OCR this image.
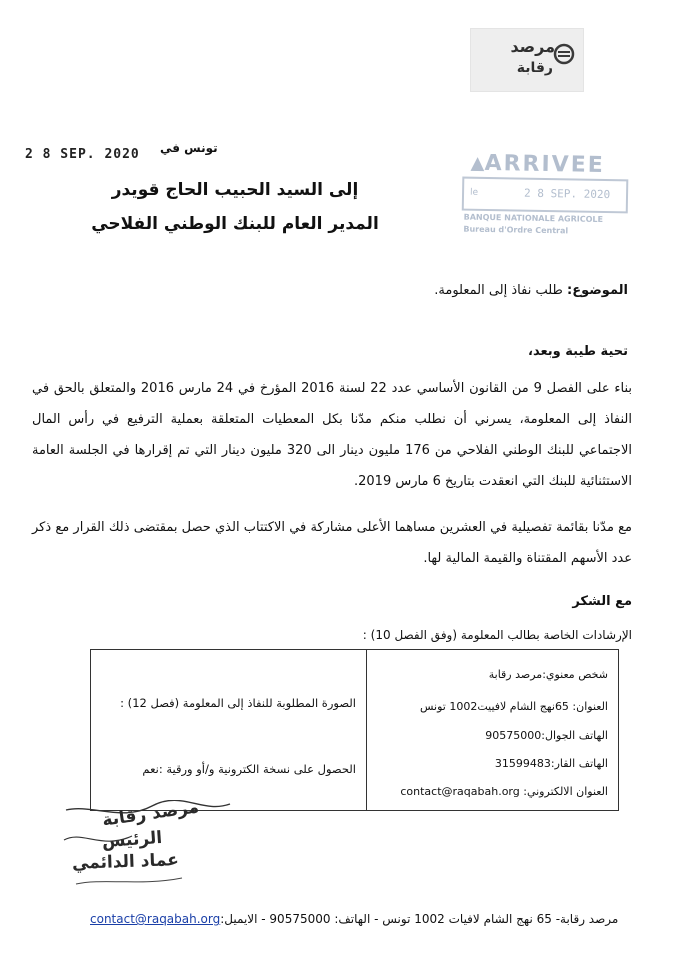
مرصد
رقابة
2 8 SEP. 2020 تونس في
▲ ARRIVEE
le	2 8 SEP. 2020
BANQUE NATIONALE AGRICOLE
Bureau d'Ordre Central
إلى السيد الحبيب الحاج قويدر
المدير العام للبنك الوطني الفلاحي
الموضوع: طلب نفاذ إلى المعلومة.
تحية طيبة وبعد،
بناء على الفصل 9 من القانون الأساسي عدد 22 لسنة 2016 المؤرخ في 24 مارس 2016 والمتعلق بالحق في النفاذ إلى المعلومة، يسرني أن نطلب منكم مدّنا بكل المعطيات المتعلقة بعملية الترفيع في رأس المال الاجتماعي للبنك الوطني الفلاحي من 176 مليون دينار الى 320 مليون دينار التي تم إقرارها في الجلسة العامة الاستثنائية للبنك التي انعقدت بتاريخ 6 مارس 2019.
مع مدّنا بقائمة تفصيلية في العشرين مساهما الأعلى مشاركة في الاكتتاب الذي حصل بمقتضى ذلك القرار مع ذكر عدد الأسهم المقتناة والقيمة المالية لها.
مع الشكر
الإرشادات الخاصة بطالب المعلومة (وفق الفصل 10) :
شخص معنوي:مرصد رقابة
العنوان: 65نهج الشام لافييت1002 تونس
الهاتف الجوال:90575000
الهاتف القار:31599483
العنوان الالكتروني: contact@raqabah.org
الصورة المطلوبة للنفاذ إلى المعلومة (فصل 12) :
الحصول على نسخة الكترونية و/أو ورقية :نعم
مرصد رقابة
الرئيس
عماد الدائمي
مرصد رقابة- 65 نهج الشام لافيات 1002 تونس - الهاتف: 90575000 - الايميل:contact@raqabah.org
